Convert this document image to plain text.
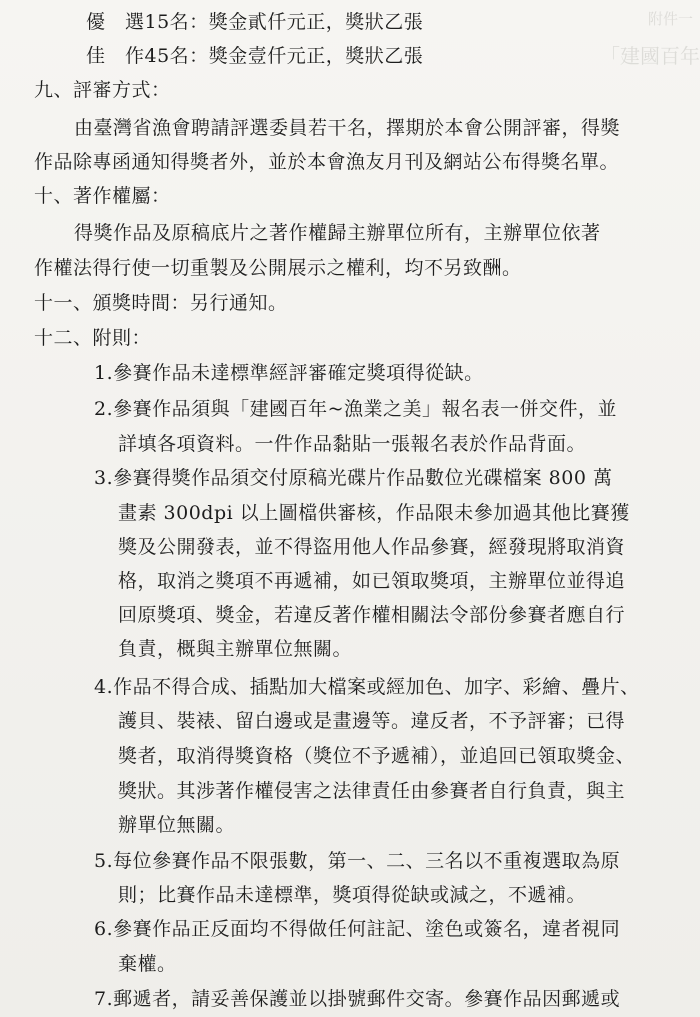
附件一
「建國百年
優　選15名：獎金貳仟元正，獎狀乙張
佳　作45名：獎金壹仟元正，獎狀乙張
九、評審方式：
由臺灣省漁會聘請評選委員若干名，擇期於本會公開評審，得獎
作品除專函通知得獎者外，並於本會漁友月刊及網站公布得獎名單。
十、著作權屬：
得獎作品及原稿底片之著作權歸主辦單位所有，主辦單位依著
作權法得行使一切重製及公開展示之權利，均不另致酬。
十一、頒獎時間：另行通知。
十二、附則：
1.參賽作品未達標準經評審確定獎項得從缺。
2.參賽作品須與「建國百年~漁業之美」報名表一併交件，並
詳填各項資料。一件作品黏貼一張報名表於作品背面。
3.參賽得獎作品須交付原稿光碟片作品數位光碟檔案 800 萬
畫素 300dpi 以上圖檔供審核，作品限未參加過其他比賽獲
獎及公開發表，並不得盜用他人作品參賽，經發現將取消資
格，取消之獎項不再遞補，如已領取獎項，主辦單位並得追
回原獎項、獎金，若違反著作權相關法令部份參賽者應自行
負責，概與主辦單位無關。
4.作品不得合成、插點加大檔案或經加色、加字、彩繪、疊片、
護貝、裝裱、留白邊或是畫邊等。違反者，不予評審；已得
獎者，取消得獎資格（獎位不予遞補），並追回已領取獎金、
獎狀。其涉著作權侵害之法律責任由參賽者自行負責，與主
辦單位無關。
5.每位參賽作品不限張數，第一、二、三名以不重複選取為原
則；比賽作品未達標準，獎項得從缺或減之，不遞補。
6.參賽作品正反面均不得做任何註記、塗色或簽名，違者視同
棄權。
7.郵遞者，請妥善保護並以掛號郵件交寄。參賽作品因郵遞或
